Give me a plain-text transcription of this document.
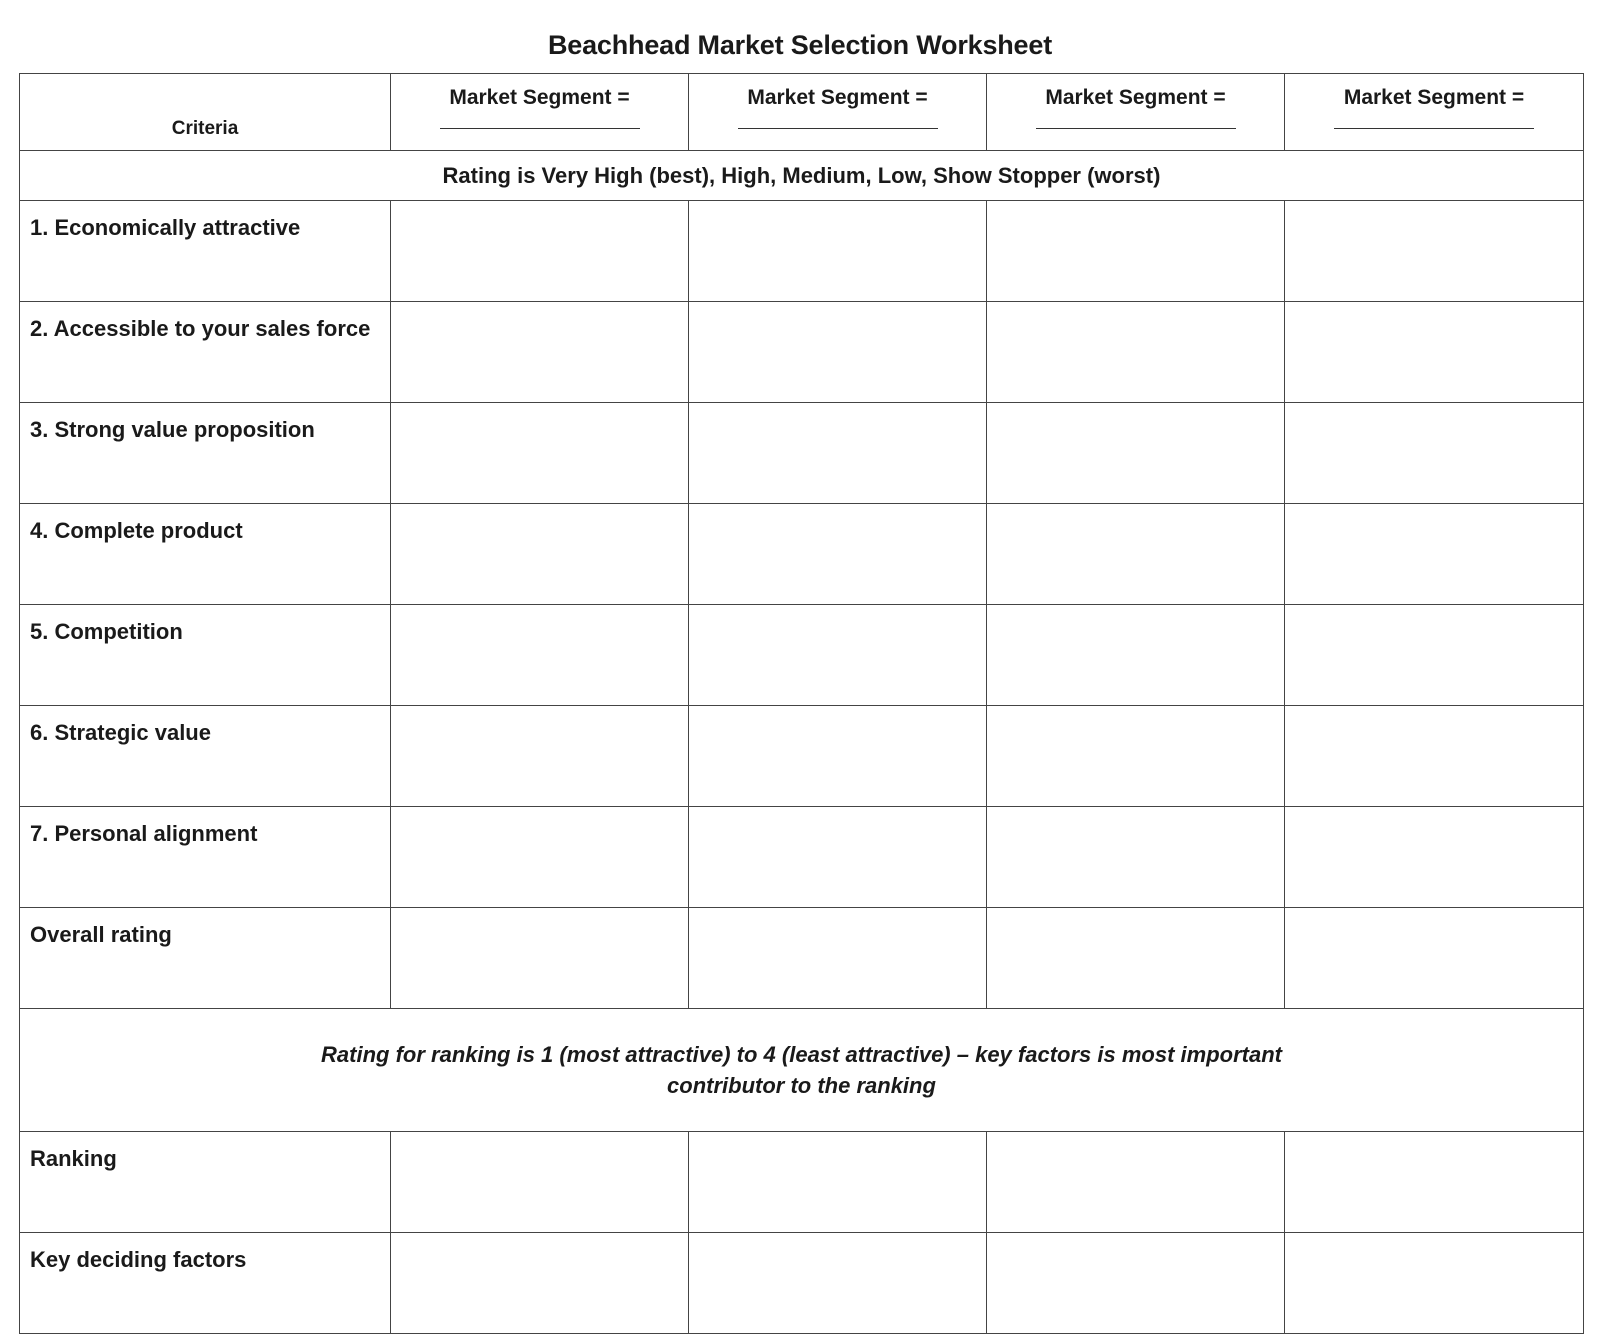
Beachhead Market Selection Worksheet
Criteria	Market Segment =	Market Segment =	Market Segment =	Market Segment =

Rating is Very High (best), High, Medium, Low, Show Stopper (worst)				
1. Economically attractive				
2. Accessible to your sales force				
3. Strong value proposition				
4. Complete product				
5. Competition				
6. Strategic value				
7. Personal alignment				
Overall rating				

Rating for ranking is 1 (most attractive) to 4 (least attractive) – key factors is most important
contributor to the ranking				

Ranking				
Key deciding factors				
